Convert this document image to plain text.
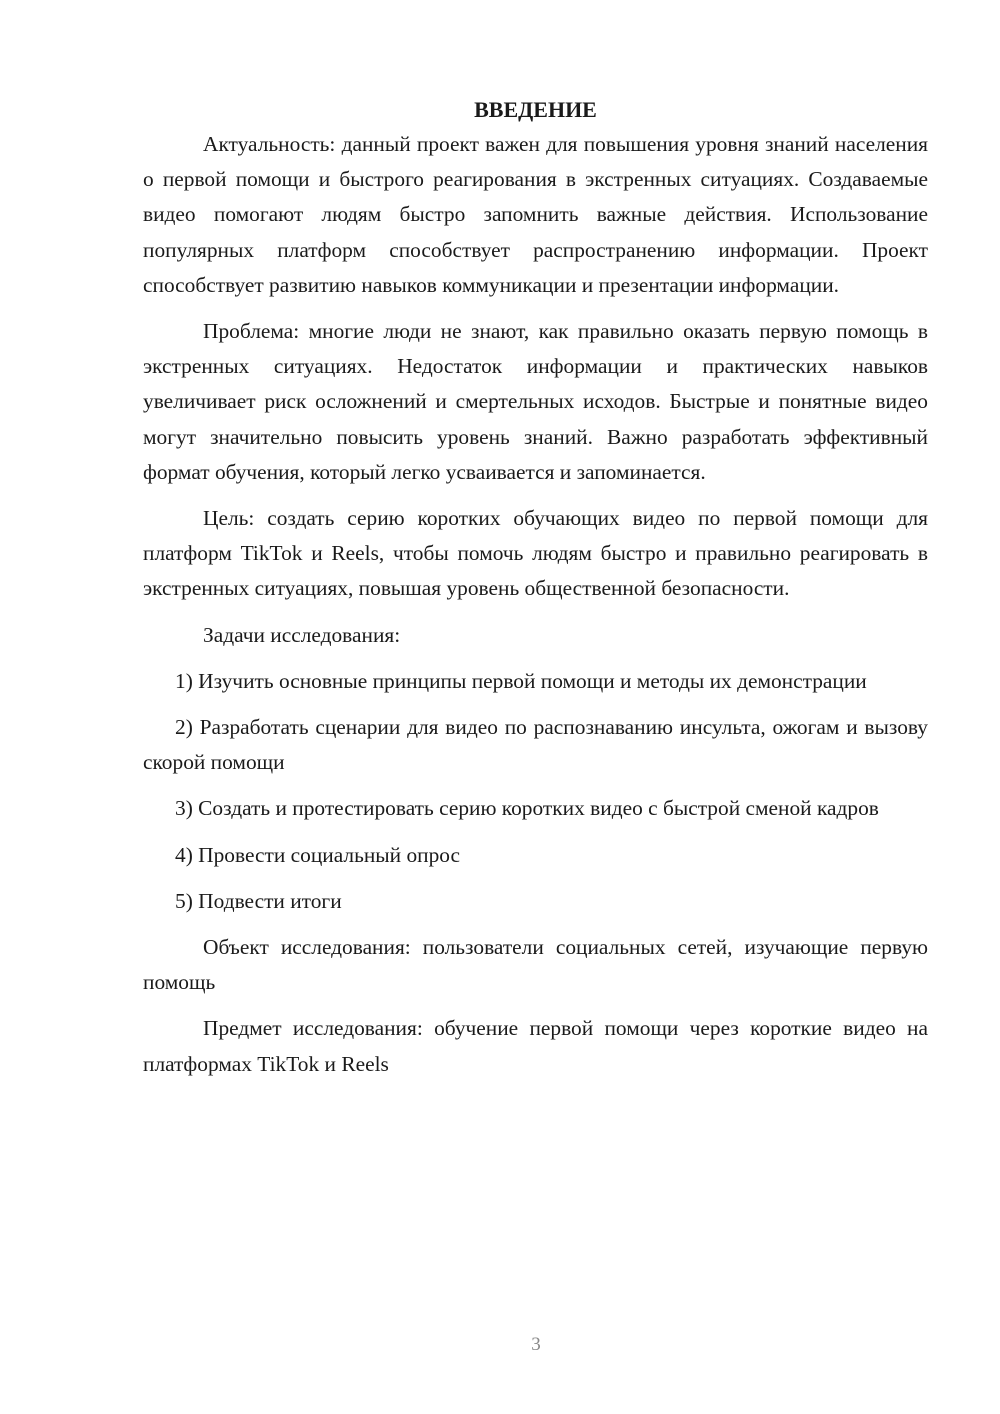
ВВЕДЕНИЕ

Актуальность: данный проект важен для повышения уровня знаний населения о первой помощи и быстрого реагирования в экстренных ситуациях. Создаваемые видео помогают людям быстро запомнить важные действия. Использование популярных платформ способствует распространению информации. Проект способствует развитию навыков коммуникации и презентации информации.

Проблема: многие люди не знают, как правильно оказать первую помощь в экстренных ситуациях. Недостаток информации и практических навыков увеличивает риск осложнений и смертельных исходов. Быстрые и понятные видео могут значительно повысить уровень знаний. Важно разработать эффективный формат обучения, который легко усваивается и запоминается.

Цель: создать серию коротких обучающих видео по первой помощи для платформ TikTok и Reels, чтобы помочь людям быстро и правильно реагировать в экстренных ситуациях, повышая уровень общественной безопасности.

Задачи исследования:

1) Изучить основные принципы первой помощи и методы их демонстрации

2) Разработать сценарии для видео по распознаванию инсульта, ожогам и вызову скорой помощи

3) Создать и протестировать серию коротких видео с быстрой сменой кадров

4) Провести социальный опрос

5) Подвести итоги

Объект исследования: пользователи социальных сетей, изучающие первую помощь

Предмет исследования: обучение первой помощи через короткие видео на платформах TikTok и Reels

3
